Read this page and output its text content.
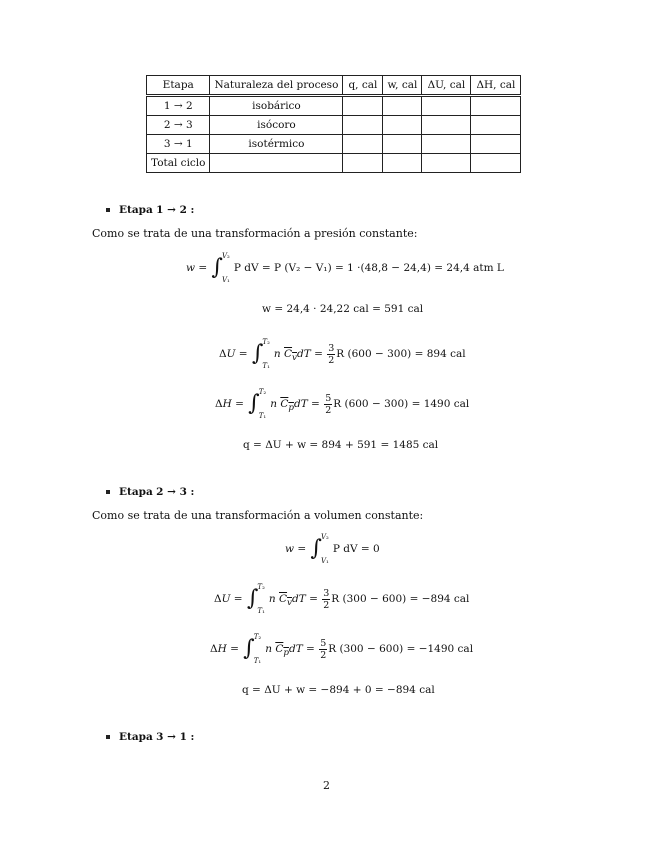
Etapa	Naturaleza del proceso	q, cal	w, cal	ΔU, cal	ΔH, cal
1 → 2	isobárico				
2 → 3	isócoro				
3 → 1	isotérmico				
Total ciclo					
Etapa 1 → 2 :
Como se trata de una transformación a presión constante:
w = ∫ V₂
V₁
P dV = P (V₂ − V₁) = 1 ·(48,8 − 24,4) = 24,4 atm L
w = 24,4 · 24,22 cal = 591 cal
ΔU = ∫ T₂
T₁
n $C_vdT = \frac{3}{2}$ R (600 − 300) = 894 cal
ΔH = ∫ T₂
T₁
n $C_pdT = \frac{5}{2}$ R (600 − 300) = 1490 cal
q = ΔU + w = 894 + 591 = 1485 cal
Etapa 2 → 3 :
Como se trata de una transformación a volumen constante:
w = ∫ V₂
V₁
P dV = 0
ΔU = ∫ T₂
T₁
n $C_vdT = \frac{3}{2}$ R (300 − 600) = −894 cal
ΔH = ∫ T₂
T₁
n $C_pdT = \frac{5}{2}$ R (300 − 600) = −1490 cal
q = ΔU + w = −894 + 0 = −894 cal
Etapa 3 → 1 :
2
